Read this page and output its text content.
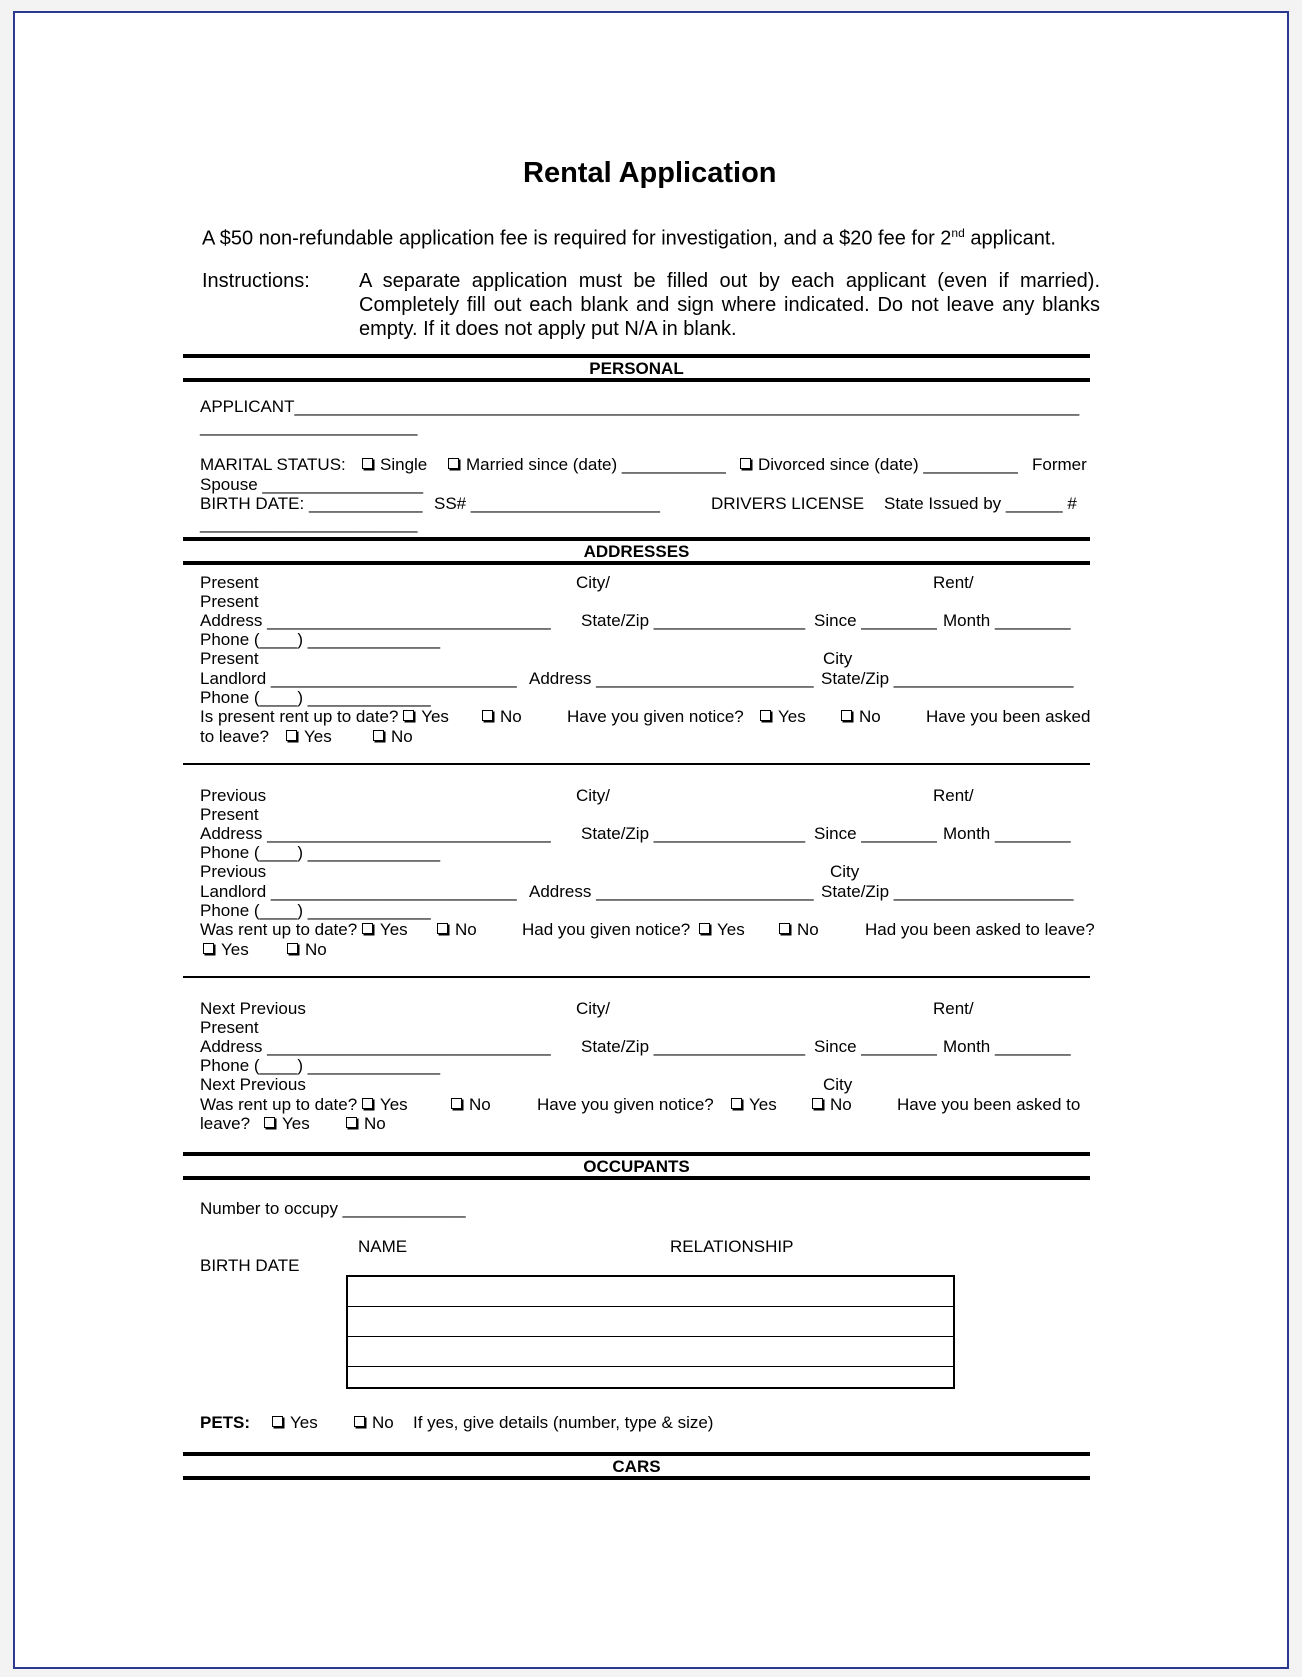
Rental Application
A $50 non-refundable application fee is required for investigation, and a $20 fee for 2nd applicant.
Instructions: A separate application must be filled out by each applicant (even if married). Completely fill out each blank and sign where indicated. Do not leave any blanks empty. If it does not apply put N/A in blank.
PERSONAL
APPLICANT___________________________________________________________________________________
_______________________
MARITAL STATUS:	Single	Married since (date) ___________	Divorced since (date) __________ Former
Spouse _________________
BIRTH DATE: ____________ SS# ____________________	DRIVERS LICENSE State Issued by ______ #
_______________________
ADDRESSES
Present	City/	Rent/
Present
Address ______________________________ State/Zip ________________ Since ________ Month ________
Phone (____) ______________
Present	City
Landlord __________________________ Address _______________________ State/Zip ___________________
Phone (____) _____________
Is present rent up to date? Yes	No	Have you given notice?	Yes	No	Have you been asked
to leave?	Yes	No
Previous	City/	Rent/
Present
Address ______________________________ State/Zip ________________ Since ________ Month ________
Phone (____) ______________
Previous	City
Landlord __________________________ Address _______________________ State/Zip ___________________
Phone (____) _____________
Was rent up to date? Yes	No	Had you given notice?	Yes	No	Had you been asked to leave?
Yes	No
Next Previous	City/	Rent/
Present
Address ______________________________ State/Zip ________________ Since ________ Month ________
Phone (____) ______________
Next Previous	City
Was rent up to date? Yes	No	Have you given notice?	Yes	No	Have you been asked to
leave?	Yes	No
OCCUPANTS
Number to occupy _____________
NAME	RELATIONSHIP
BIRTH DATE

PETS:	Yes	No If yes, give details (number, type & size)
CARS
